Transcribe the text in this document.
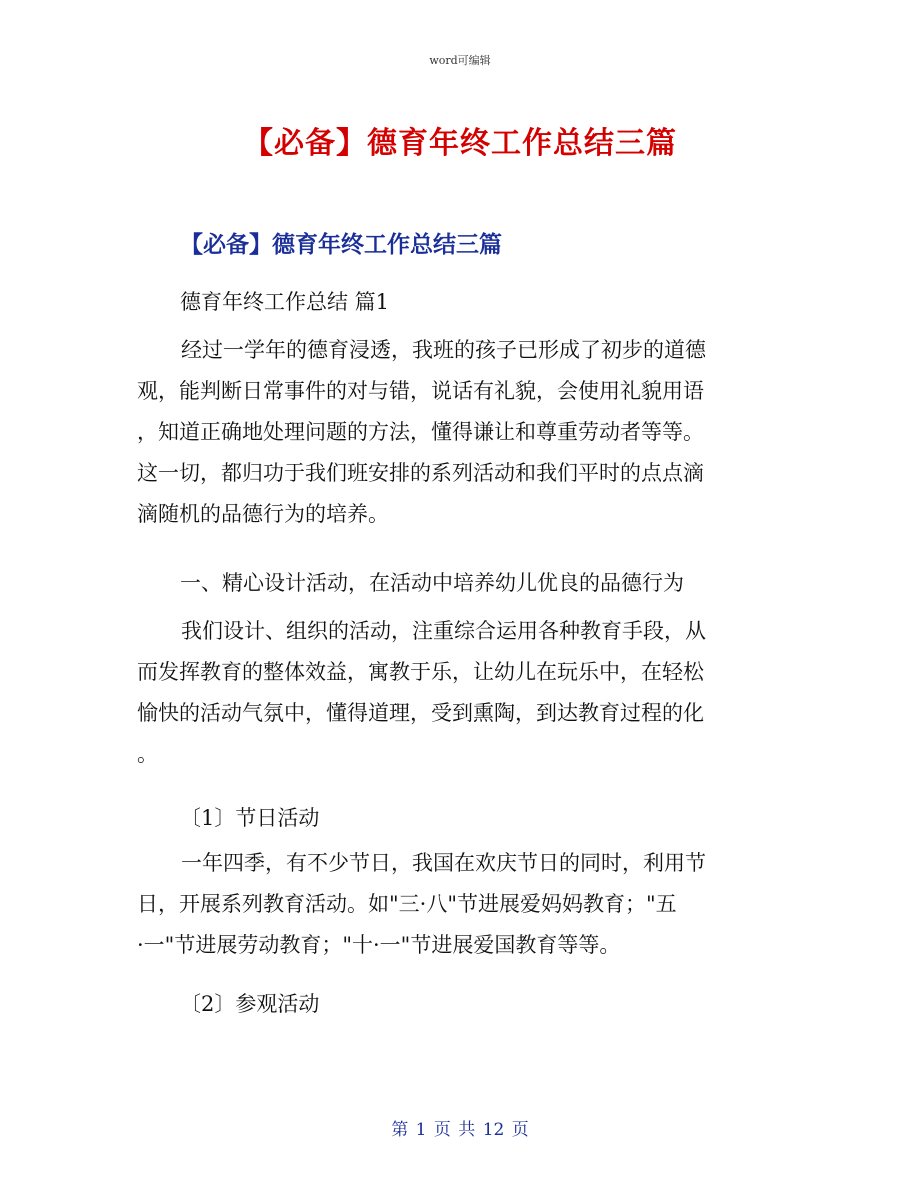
word可编辑
【必备】德育年终工作总结三篇
【必备】德育年终工作总结三篇
德育年终工作总结 篇1
经过一学年的德育浸透，我班的孩子已形成了初步的道德
观，能判断日常事件的对与错，说话有礼貌，会使用礼貌用语
，知道正确地处理问题的方法，懂得谦让和尊重劳动者等等。
这一切，都归功于我们班安排的系列活动和我们平时的点点滴
滴随机的品德行为的培养。
一、精心设计活动，在活动中培养幼儿优良的品德行为
我们设计、组织的活动，注重综合运用各种教育手段，从
而发挥教育的整体效益，寓教于乐，让幼儿在玩乐中，在轻松
愉快的活动气氛中，懂得道理，受到熏陶，到达教育过程的化
。
〔1〕节日活动
一年四季，有不少节日，我国在欢庆节日的同时，利用节
日，开展系列教育活动。如"三·八"节进展爱妈妈教育；"五
·一"节进展劳动教育；"十·一"节进展爱国教育等等。
〔2〕参观活动
第 1 页 共 12 页
